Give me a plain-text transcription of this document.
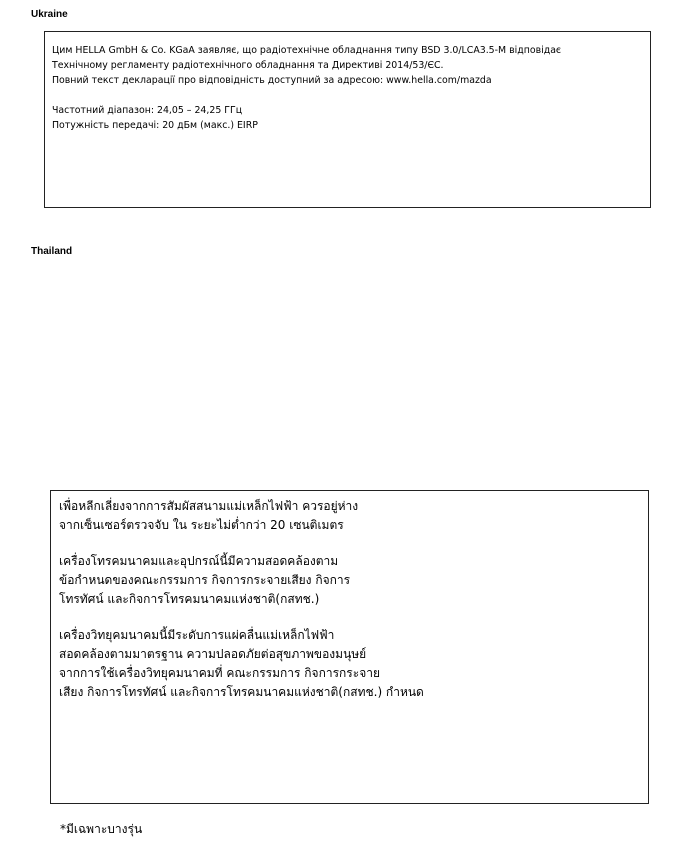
Ukraine

Цим HELLA GmbH & Co. KGaA заявляє, що радіотехнічне обладнання типу BSD 3.0/LCA3.5-M відповідає

Технічному регламенту радіотехнічного обладнання та Директиві 2014/53/ЄС.

Повний текст декларації про відповідність доступний за адресою: www.hella.com/mazda

Частотний діапазон: 24,05 – 24,25 ГГц

Потужність передачі: 20 дБм (макс.) EIRP

Thailand

เพื่อหลีกเลี่ยงจากการสัมผัสสนามแม่เหล็กไฟฟ้า ควรอยู่ห่าง

จากเซ็นเซอร์ตรวจจับ ใน ระยะไม่ต่ำกว่า 20 เซนติเมตร

เครื่องโทรคมนาคมและอุปกรณ์นี้มีความสอดคล้องตาม

ข้อกำหนดของคณะกรรมการ กิจการกระจายเสียง กิจการ

โทรทัศน์ และกิจการโทรคมนาคมแห่งชาติ(กสทช.)

เครื่องวิทยุคมนาคมนี้มีระดับการแผ่คลื่นแม่เหล็กไฟฟ้า

สอดคล้องตามมาตรฐาน ความปลอดภัยต่อสุขภาพของมนุษย์

จากการใช้เครื่องวิทยุคมนาคมที่ คณะกรรมการ กิจการกระจาย

เสียง กิจการโทรทัศน์ และกิจการโทรคมนาคมแห่งชาติ(กสทช.) กำหนด

*มีเฉพาะบางรุ่น
